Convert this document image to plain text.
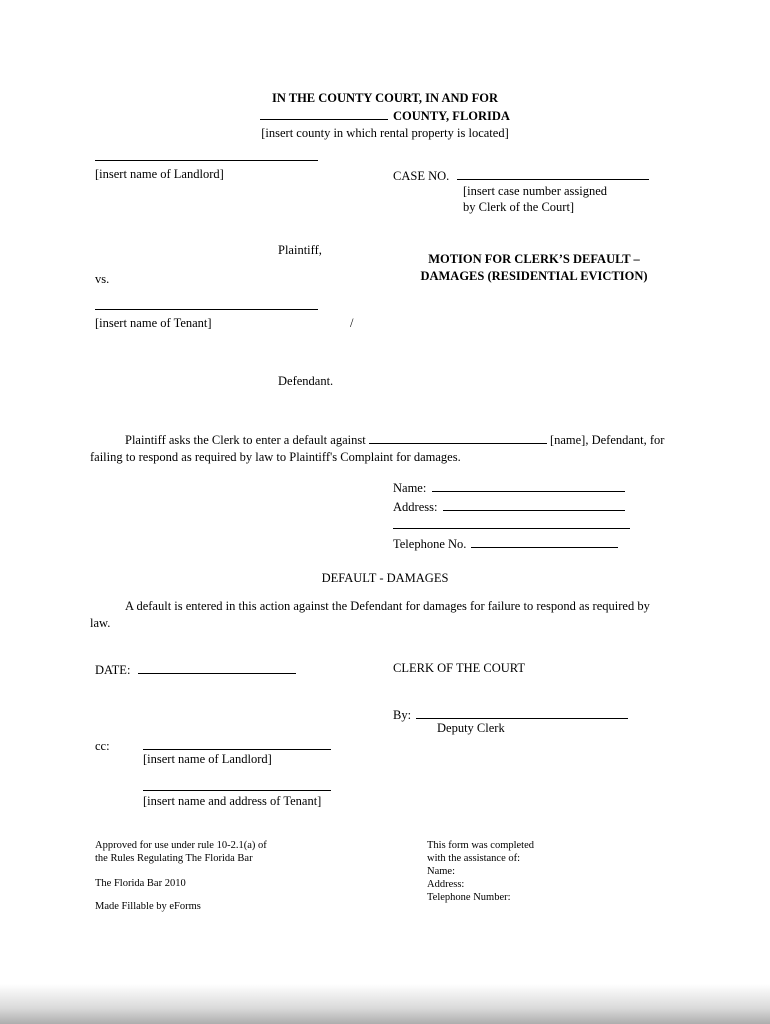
IN THE COUNTY COURT, IN AND FOR
COUNTY, FLORIDA
[insert county in which rental property is located]
[insert name of Landlord]	CASE NO.
[insert case number assigned
by Clerk of the Court]
Plaintiff,
MOTION FOR CLERK’S DEFAULT –
DAMAGES (RESIDENTIAL EVICTION)
vs.
[insert name of Tenant]	/
Defendant.
Plaintiff asks the Clerk to enter a default against	[name], Defendant, for failing to respond as required by law to Plaintiff's Complaint for damages.
Name:
Address:
Telephone No.
DEFAULT - DAMAGES
A default is entered in this action against the Defendant for damages for failure to respond as required by law.
DATE:	CLERK OF THE COURT
By:
Deputy Clerk
cc:
[insert name of Landlord]
[insert name and address of Tenant]
Approved for use under rule 10-2.1(a) of
the Rules Regulating The Florida Bar
The Florida Bar 2010
Made Fillable by eForms
This form was completed
with the assistance of:
Name:
Address:
Telephone Number:
